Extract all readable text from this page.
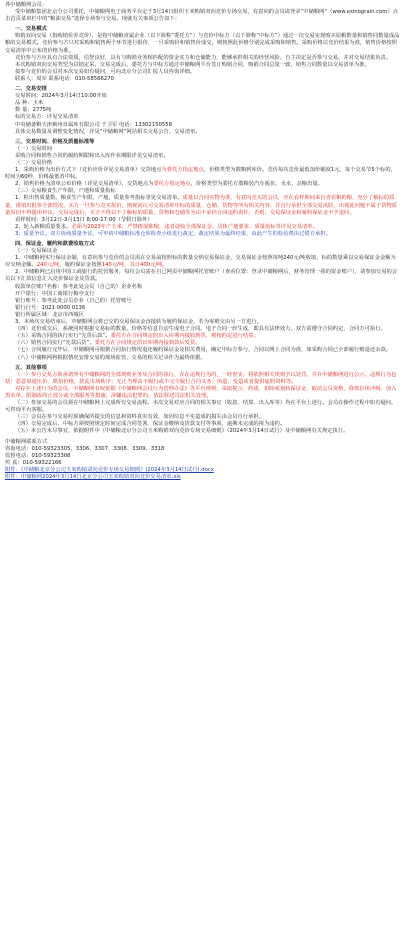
各中储粮网会员：

受中储粮集团北京分公司委托，中储粮网电子商务平台定于3月14日组织玉米购销双向竞价专场交易，有意向的会员请登录“中储粮网”（www.esinograin.com）点击首页菜单栏中的“粮油交易”选择专场参与交易。现就有关事项公告如下：

一、交易模式

购销双向交易（指购销价差竞价），是指中储粮直属企业（以下简称“委托方”）与竞价中标方（以下简称“中标方”）通过一次交易实现购买原粮数量和销售同数量成品粮的交易模式。竞价参与方只对采购和销售两个环节进行报价，一旦采购价和销售价成交，则按照此价格分别完成采购和销售。采购价格以竞价结果为准，销售价格按照交易清单中公布的价格为准。

竞价参与方应具有合法资质，信誉良好，具有与购销业务相匹配的资金实力和仓储能力，能够承担相关的经营风险，自主决定是否参与交易，并对交易结果负责。

本次购销双向交易类型为以销定采，交易完成后，委托方与中标方通过中储粮网平台签订购销合同，购销合同总量一致，销售合同数量以交易清单为准。

拟参与竞价的会员对本次交易如有疑问，可向北京分公司汇报人员咨询详细。

联系人：周军 联系电话：010-58566270

二、交易安排

交易时间：2024年3月14日10:00开始

品 种：玉米

数 量：2775吨

标的交易方：详见交易清单

中央储备粮天津蓟州直属库有限公司 于卫军 电话：13302150558

具体交易数量及调整变化情况，详见“中储粮网”网站相关交易公告、交易清单。

三、交易时间、价格及质量标准等

（一）交易时间

采购合同和销售合同的履约期限和出入库作业期限详见交易清单。

（二）交易价格

1、采购价格为出价方式下（竞价应价详见交易清单）交货地点为委托方指定地点，价格类型为散粮到库价。竞价每次竞价最低加价幅度1元，每个交易节5个标的，时间为60秒，价格最低者中标。

2、销售价格为清单公布价格（详见交易清单），交货地点为委托方指定地点，价格类型为委托方散粮装汽车板价，水水、杂粮出量。

（三）交易粮食生产年限、产地和质量指标

1、粒出售质量数。粮食生产年限、产地、质量参考指标等见交易清单。质量以合同实物为准，有意向竞买的会员，应在看样期间来自查看粮的粮，充分了解标的质量，谨慎出报参全部情况。买方一旦参与竞买报价，则视同认可交易清单中标的质量、仓储、货物等所有相关内容，并自行承担全部交易风险，出现此问题不属于货物质量原因不得提出异议。交易完成后，买方不得以不了解标的质量、货物和仓储等为由不承担合同违约责任，否则，交易保证金和履约保证金不予退回。

看样时间：3月12日-3月13日 8:00-17:00（节假日除外）

2、轮入新粮质量要求。必须为2023年产玉米，严禁掺混陈粮，违者设收全部保证金。具体产地要求、质量指标等详见交易清单。

3、质量争议。双方协商质量争议，可申请中储粮标准仓库检查小组进行裁定，裁定结果为最终结果，由此产生的检验费由过错方承担。

四、保证金、履约和款费收取方式

（一）交易保证金

1、中储粮网实行保证金制，有意向参与竞价的会员需在交易前按照标的数量交纳交易保证金，交易保证金按照每吨240元/吨收取，标的数量乘以交易保证金金额为应交纳金额。240元/吨，履约保证金按照140元/吨，其计400元/吨。

2、中储粮网已启用中国工商银行的托管服务，每位会员需在自己网页中储粮网托管账户（查看位置：登录中储粮网后，财务管理一我的资金账户），请参加交易的会员以下汇款信息汇入竞价保证金及货款。

收款单位账户名称：参考此处会员（自己的）企业名称

开户银行：中国工商银行梅亭支行

银行账号：参考此处会员企业（自己的）托管账号

银行行号：1021 0000 0136

银行所属区域：北京市西城区

3、本场次交易结束后，中储粮网会将已交的交易保证金直接转为履约保证金，若为零则交由另一方进行。

（四）竞价成交后，系统同时根据交易标的数量，价格等信息自动生成电子合同。电子合同一经生成，即具有法律效力。双方需遵守合同约定，合同方可执行。

（五）采购合同的执行实行“先货后款”。委托方在合同规定的出入库期内接收到货，则按约定进行结算。

（六）销售合同实行“先款后货”。委托方在合同规定的出库期内接到款后发货。

（七）合同履行完毕后，中储粮网可根据合同执行情况退还履约保证金及相关费用，确定中标方参与，合同以网上合同为准，如采购合同已全部履行则退还余款。

（八）中储粮网将根据情况安排交易的现场监管，交易的相关记录作为最终依据。

五、其他事项

（一）参与交易方须承诺所有中储粮网的全部规则业务及合同的执行，存在违规行为的，一经查实，将依照相关规则予以处罚，并在中储粮网进行公示。违规行为包括：恶意串通压价、哄抬价格，扰乱市场秩序；无正当理由不履行或不完全履行合同义务；伪造、变造或者提供虚假资料等。

对存在上述行为的会员，中储粮网有权依据《中储粮网会员行为管理办法》等平台规则，采取提示、约谈、扣除或划转保证金、取消会员资格、降低信用评级、加入黑名单、限制或终止部分或全部服务等措施，涉嫌违法犯罪的，依法移送司法机关处理。

（二）参加交易的会员须在中储粮网上完成所有交易流程。本次交易对应合同的相关事宜（收款、结算、出入库等）均在平台上进行。会员在操作过程中如有疑问，可咨询平台客服。

（三）会员在参与交易时须确保所提交的信息和资料真实有效，如因信息不实造成的损失由会员自行承担。

（四）交易完成后，中标方须按照规定时间完成合同签署、保证金缴纳及货款支付等事项，逾期未完成的视为违约。

（五）本公告未尽事宜，依据附件中《中储粮北京分公司玉米购销双向竞价专场交易细则》（2024年3月14日试行）及中储粮网有关规定执行。

中储粮网联系方式

咨询电话：010-59323305、3306、3307、3308、3309、3318

监督电话：010-59323308

传 真：010-59322166

附件：《中储粮北京分公司玉米购销双向竞价专场交易细则》(2024年3月14日试行).docx

附件：中储粮网2024年3月14日北京分公司玉米购销双向竞价交易清单.xls
